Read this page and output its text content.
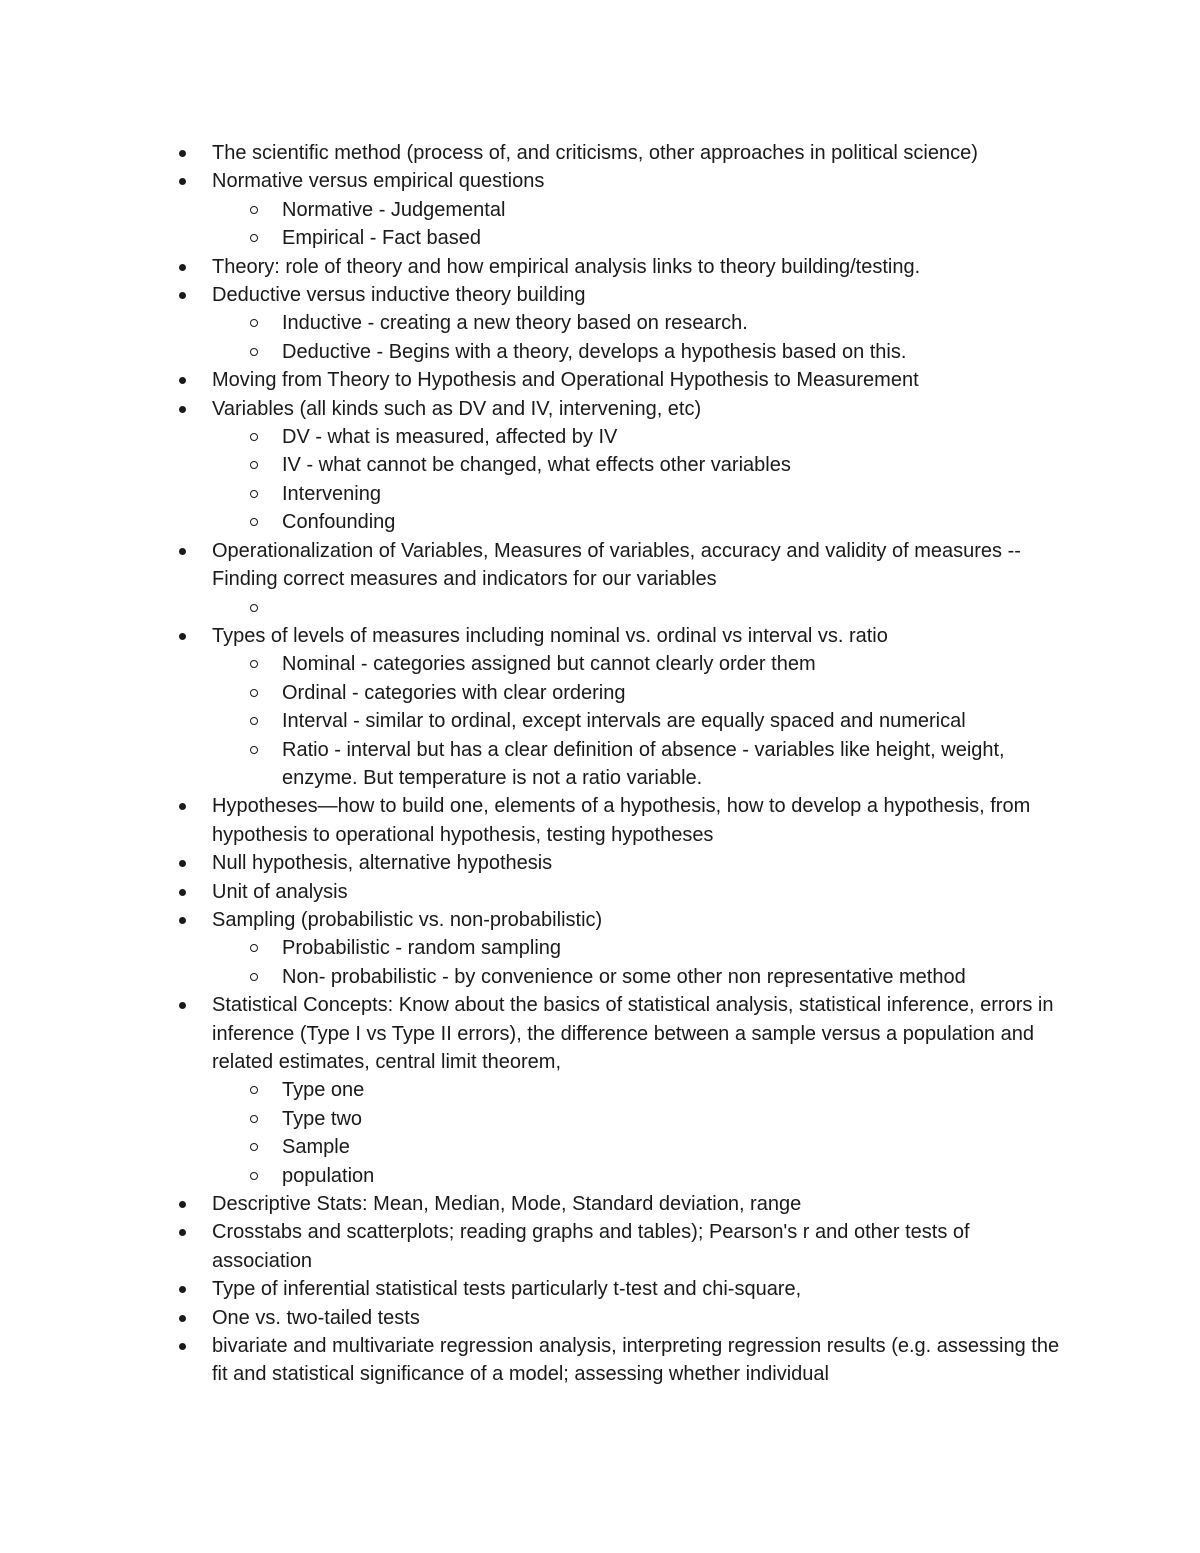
The scientific method (process of, and criticisms, other approaches in political science)
Normative versus empirical questions
Normative - Judgemental
Empirical - Fact based
Theory: role of theory and how empirical analysis links to theory building/testing.
Deductive versus inductive theory building
Inductive - creating a new theory based on research.
Deductive - Begins with a theory, develops a hypothesis based on this.
Moving from Theory to Hypothesis and Operational Hypothesis to Measurement
Variables (all kinds such as DV and IV, intervening, etc)
DV - what is measured, affected by IV
IV - what cannot be changed, what effects other variables
Intervening
Confounding
Operationalization of Variables, Measures of variables, accuracy and validity of measures --Finding correct measures and indicators for our variables
Types of levels of measures including nominal vs. ordinal vs interval vs. ratio
Nominal - categories assigned but cannot clearly order them
Ordinal - categories with clear ordering
Interval - similar to ordinal, except intervals are equally spaced and numerical
Ratio - interval but has a clear definition of absence - variables like height, weight, enzyme. But temperature is not a ratio variable.
Hypotheses—how to build one, elements of a hypothesis, how to develop a hypothesis, from hypothesis to operational hypothesis, testing hypotheses
Null hypothesis, alternative hypothesis
Unit of analysis
Sampling (probabilistic vs. non-probabilistic)
Probabilistic - random sampling
Non- probabilistic - by convenience or some other non representative method
Statistical Concepts: Know about the basics of statistical analysis, statistical inference, errors in inference (Type I vs Type II errors), the difference between a sample versus a population and related estimates, central limit theorem,
Type one
Type two
Sample
population
Descriptive Stats: Mean, Median, Mode, Standard deviation, range
Crosstabs and scatterplots; reading graphs and tables); Pearson's r and other tests of association
Type of inferential statistical tests particularly t-test and chi-square,
One vs. two-tailed tests
bivariate and multivariate regression analysis, interpreting regression results (e.g. assessing the fit and statistical significance of a model; assessing whether individual
